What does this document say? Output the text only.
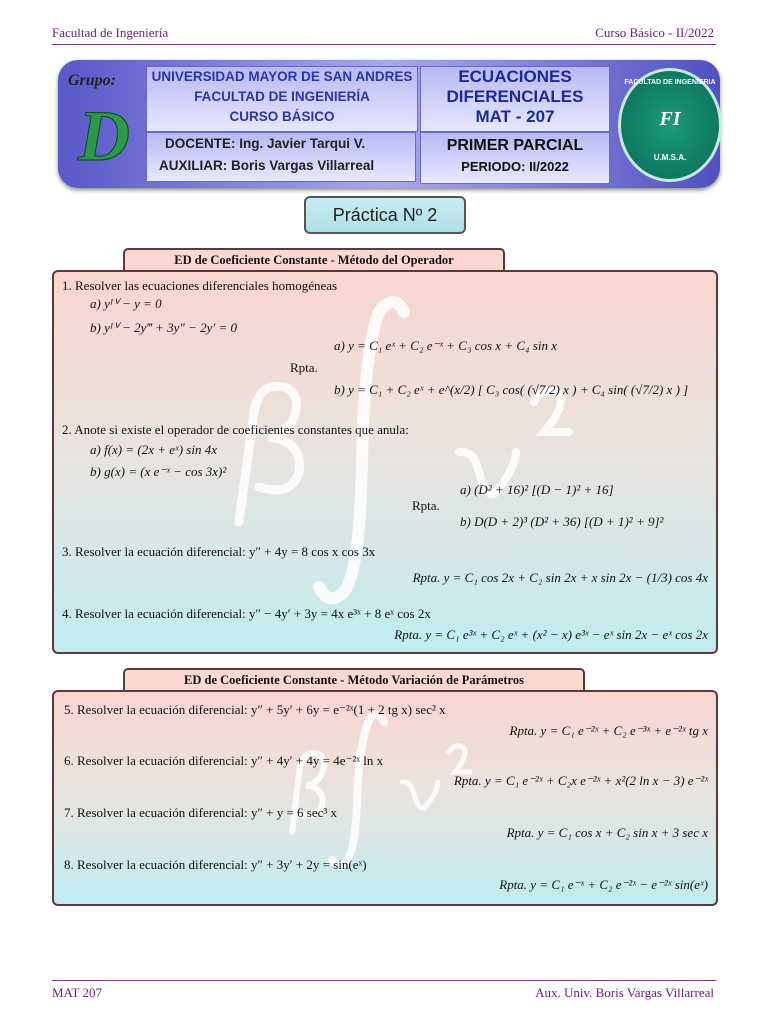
Facultad de Ingeniería	Curso Básico - II/2022
Grupo:
D
UNIVERSIDAD MAYOR DE SAN ANDRES
FACULTAD DE INGENIERÍA
CURSO BÁSICO
DOCENTE: Ing. Javier Tarqui V.
AUXILIAR: Boris Vargas Villarreal
ECUACIONES
DIFERENCIALES
MAT - 207
PRIMER PARCIAL
PERIODO: II/2022
FACULTAD DE INGENIERIA
FI
U.M.S.A.
Práctica Nº 2
ED de Coeficiente Constante - Método del Operador
1. Resolver las ecuaciones diferenciales homogéneas
a) yᴵⱽ − y = 0
b) yᴵⱽ − 2y‴ + 3y″ − 2y′ = 0
a) y = C₁ eˣ + C₂ e⁻ˣ + C₃ cos x + C₄ sin x
Rpta.
b) y = C₁ + C₂ eˣ + e^(x/2) [ C₃ cos( (√7/2) x ) + C₄ sin( (√7/2) x ) ]
2. Anote si existe el operador de coeficientes constantes que anula:
a) f(x) = (2x + eˣ) sin 4x
b) g(x) = (x e⁻ˣ − cos 3x)²
Rpta.
a) (D² + 16)² [(D − 1)² + 16]
b) D(D + 2)³ (D² + 36) [(D + 1)² + 9]²
3. Resolver la ecuación diferencial: y″ + 4y = 8 cos x cos 3x
Rpta. y = C₁ cos 2x + C₂ sin 2x + x sin 2x − (1/3) cos 4x
4. Resolver la ecuación diferencial: y″ − 4y′ + 3y = 4x e³ˣ + 8 eˣ cos 2x
Rpta. y = C₁ e³ˣ + C₂ eˣ + (x² − x) e³ˣ − eˣ sin 2x − eˣ cos 2x
ED de Coeficiente Constante - Método Variación de Parámetros
5. Resolver la ecuación diferencial: y″ + 5y′ + 6y = e⁻²ˣ(1 + 2 tg x) sec² x
Rpta. y = C₁ e⁻²ˣ + C₂ e⁻³ˣ + e⁻²ˣ tg x
6. Resolver la ecuación diferencial: y″ + 4y′ + 4y = 4e⁻²ˣ ln x
Rpta. y = C₁ e⁻²ˣ + C₂x e⁻²ˣ + x²(2 ln x − 3) e⁻²ˣ
7. Resolver la ecuación diferencial: y″ + y = 6 sec³ x
Rpta. y = C₁ cos x + C₂ sin x + 3 sec x
8. Resolver la ecuación diferencial: y″ + 3y′ + 2y = sin(eˣ)
Rpta. y = C₁ e⁻ˣ + C₂ e⁻²ˣ − e⁻²ˣ sin(eˣ)
MAT 207	Aux. Univ. Boris Vargas Villarreal
